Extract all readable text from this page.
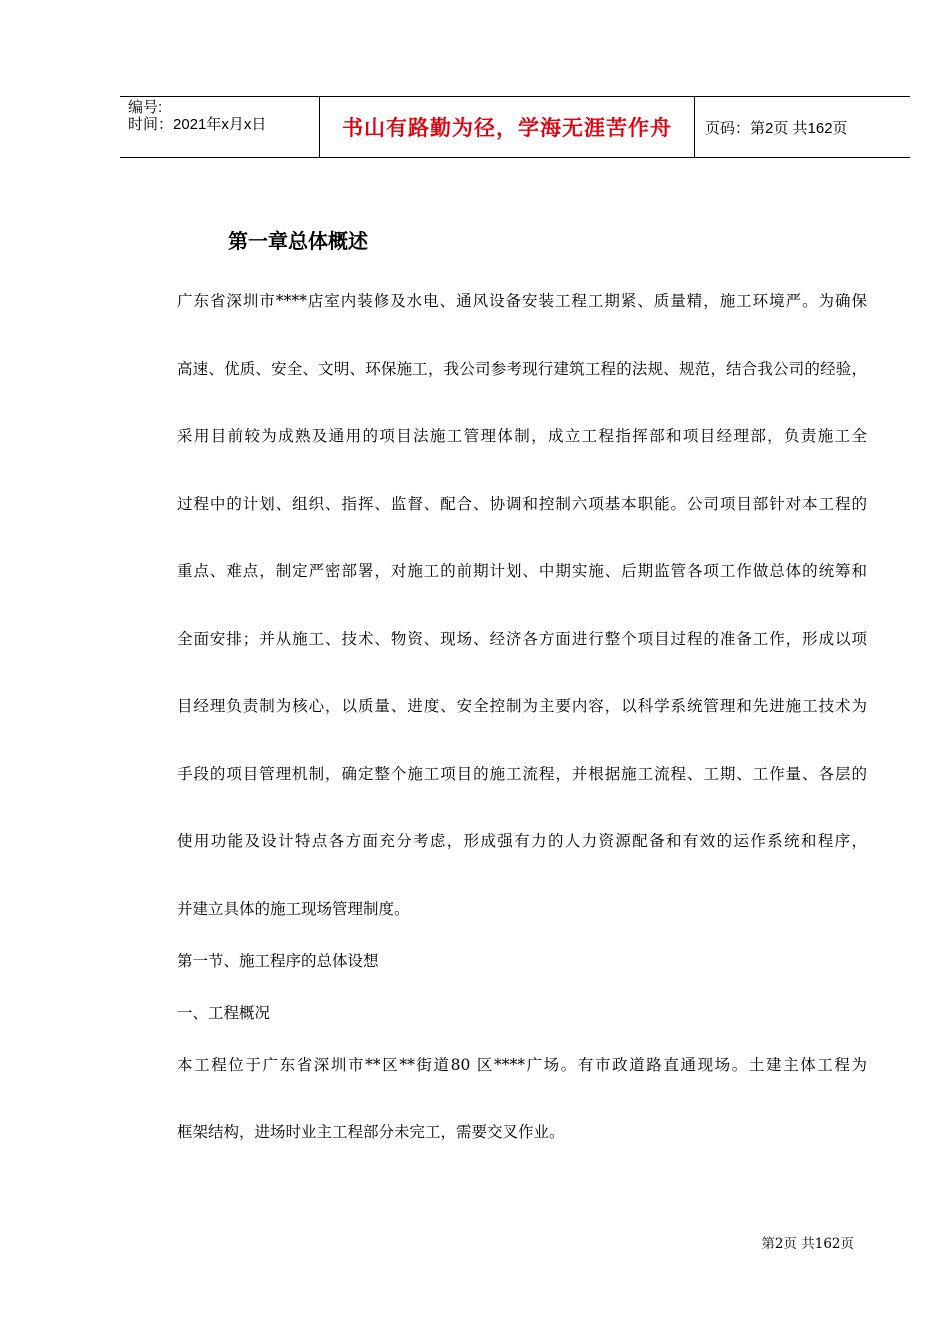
编号:
时间：2021年x月x日	书山有路勤为径，学海无涯苦作舟	页码：第2页 共162页
第一章总体概述
广东省深圳市****店室内装修及水电、通风设备安装工程工期紧、质量精，施工环境严。为确保
高速、优质、安全、文明、环保施工，我公司参考现行建筑工程的法规、规范，结合我公司的经验，
采用目前较为成熟及通用的项目法施工管理体制，成立工程指挥部和项目经理部，负责施工全
过程中的计划、组织、指挥、监督、配合、协调和控制六项基本职能。公司项目部针对本工程的
重点、难点，制定严密部署，对施工的前期计划、中期实施、后期监管各项工作做总体的统筹和
全面安排；并从施工、技术、物资、现场、经济各方面进行整个项目过程的准备工作，形成以项
目经理负责制为核心，以质量、进度、安全控制为主要内容，以科学系统管理和先进施工技术为
手段的项目管理机制，确定整个施工项目的施工流程，并根据施工流程、工期、工作量、各层的
使用功能及设计特点各方面充分考虑，形成强有力的人力资源配备和有效的运作系统和程序，
并建立具体的施工现场管理制度。
第一节、施工程序的总体设想
一、工程概况
本工程位于广东省深圳市**区**街道80 区****广场。有市政道路直通现场。土建主体工程为
框架结构，进场时业主工程部分未完工，需要交叉作业。
第2页 共162页
